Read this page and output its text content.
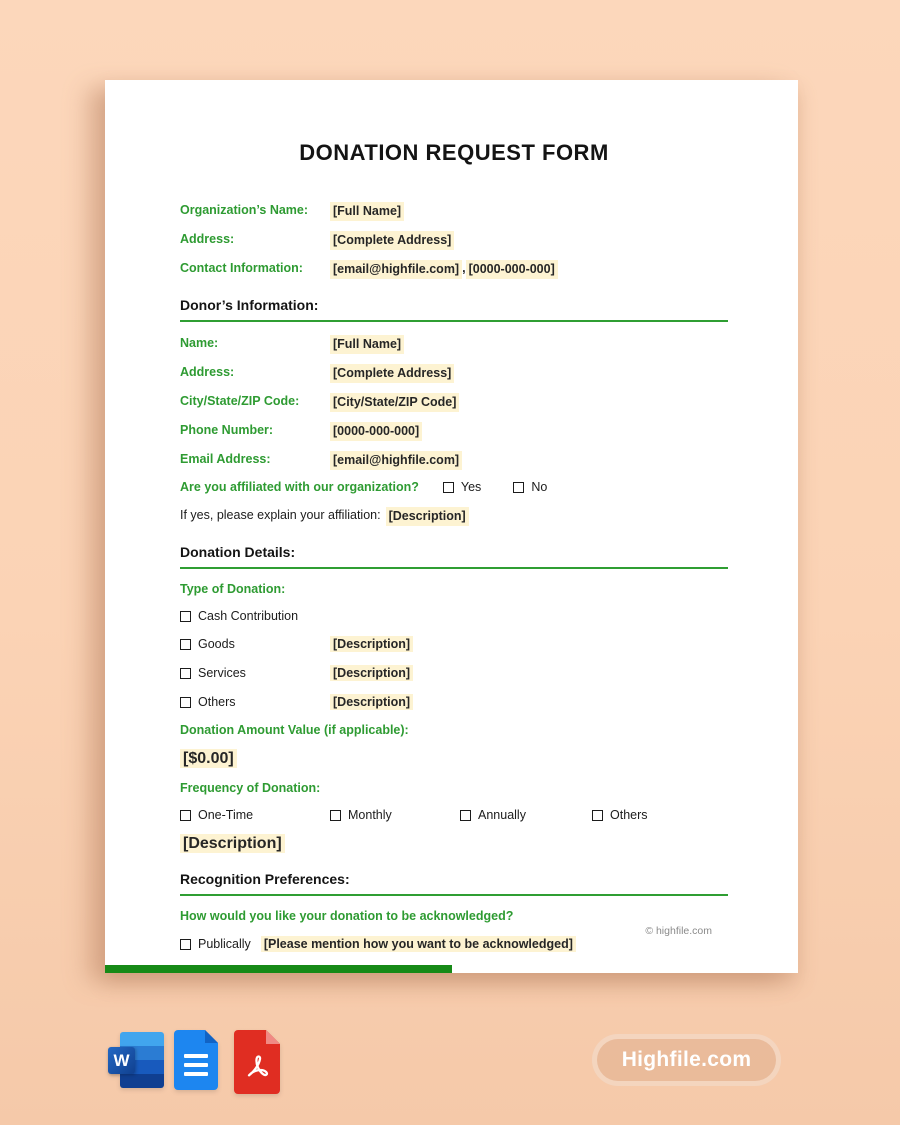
DONATION REQUEST FORM
Organization’s Name:	[Full Name]
Address:	[Complete Address]
Contact Information:	[email@highfile.com] , [0000-000-000]
Donor’s Information:
Name:	[Full Name]
Address:	[Complete Address]
City/State/ZIP Code:	[City/State/ZIP Code]
Phone Number:	[0000-000-000]
Email Address:	[email@highfile.com]
Are you affiliated with our organization?	Yes	No
If yes, please explain your affiliation: [Description]
Donation Details:
Type of Donation:
Cash Contribution
Goods	[Description]
Services	[Description]
Others	[Description]
Donation Amount Value (if applicable):
[$0.00]
Frequency of Donation:
One-Time	Monthly	Annually	Others
[Description]
Recognition Preferences:
How would you like your donation to be acknowledged?
Publically [Please mention how you want to be acknowledged]
© highfile.com
W	Highfile.com
